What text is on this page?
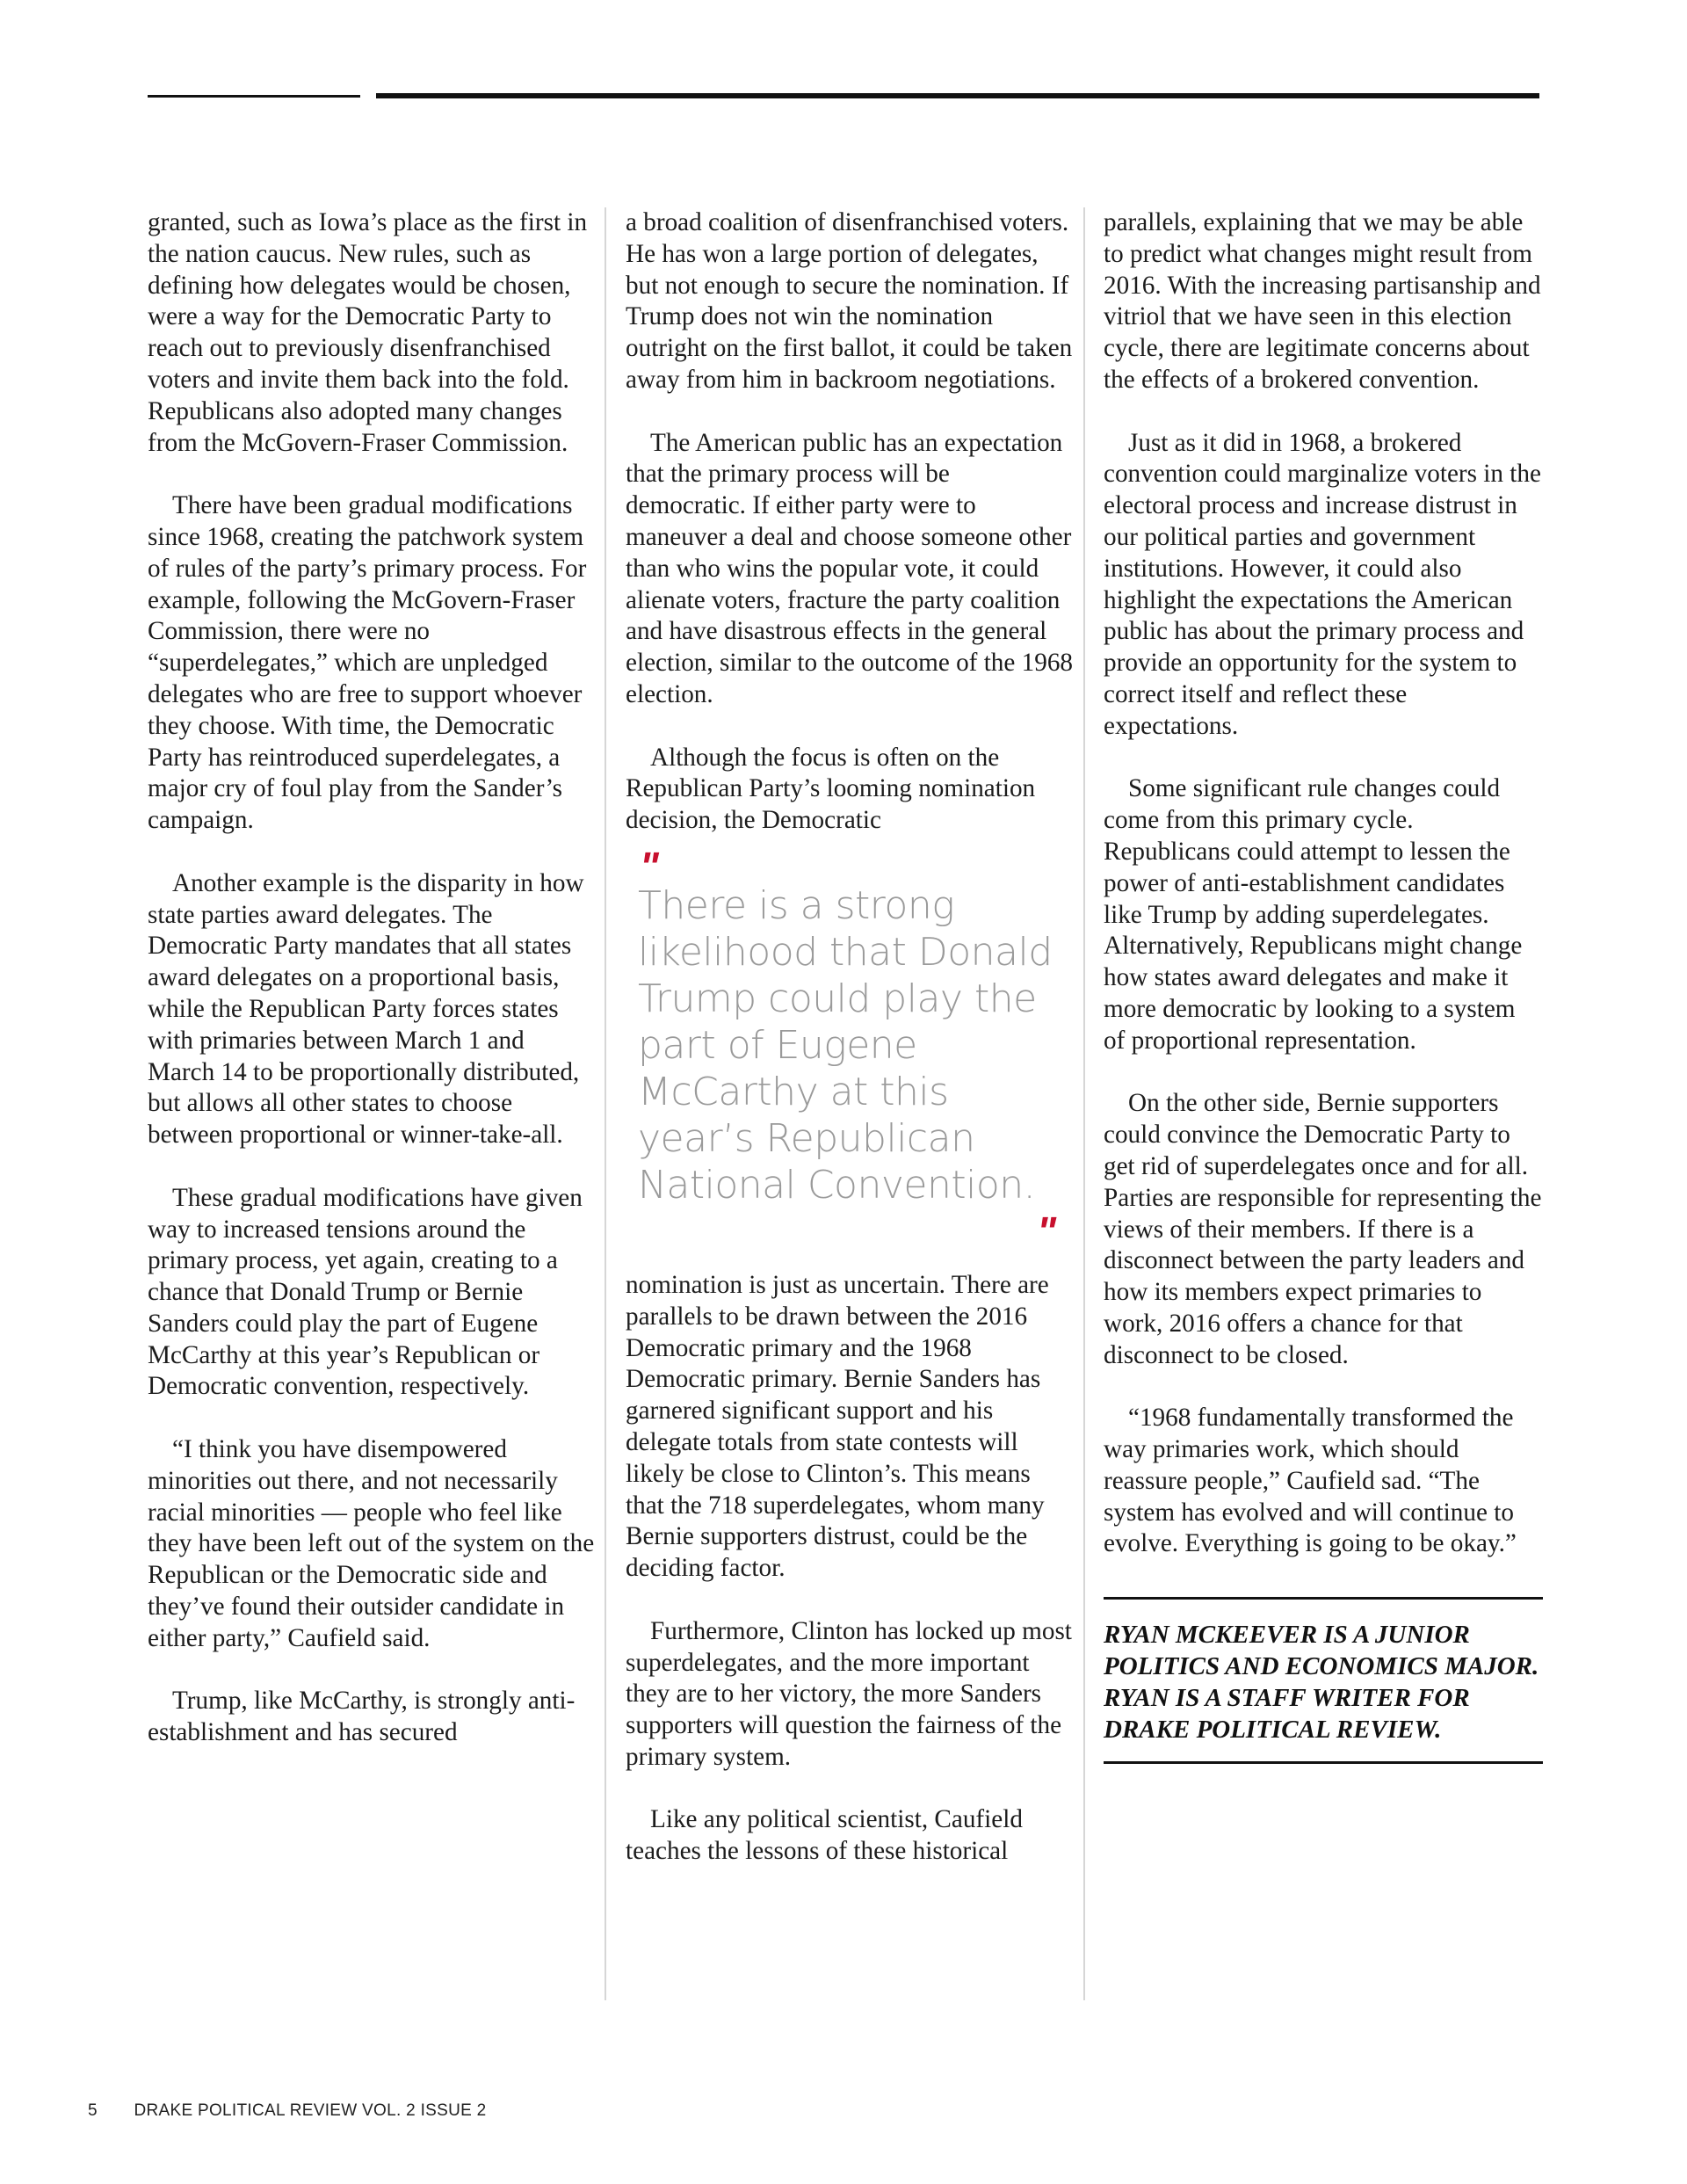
granted, such as Iowa’s place as the first in the nation caucus. New rules, such as defining how delegates would be chosen, were a way for the Democratic Party to reach out to previously disenfranchised voters and invite them back into the fold. Republicans also adopted many changes from the McGovern-Fraser Commission.

There have been gradual modifications since 1968, creating the patchwork system of rules of the party’s primary process. For example, following the McGovern-Fraser Commission, there were no “superdelegates,” which are unpledged delegates who are free to support whoever they choose. With time, the Democratic Party has reintroduced superdelegates, a major cry of foul play from the Sander’s campaign.

Another example is the disparity in how state parties award delegates. The Democratic Party mandates that all states award delegates on a proportional basis, while the Republican Party forces states with primaries between March 1 and March 14 to be proportionally distributed, but allows all other states to choose between proportional or winner-take-all.

These gradual modifications have given way to increased tensions around the primary process, yet again, creating to a chance that Donald Trump or Bernie Sanders could play the part of Eugene McCarthy at this year’s Republican or Democratic convention, respectively.

“I think you have disempowered minorities out there, and not necessarily racial minorities — people who feel like they have been left out of the system on the Republican or the Democratic side and they’ve found their outsider candidate in either party,” Caufield said.

Trump, like McCarthy, is strongly anti-establishment and has secured

a broad coalition of disenfranchised voters. He has won a large portion of delegates, but not enough to secure the nomination. If Trump does not win the nomination outright on the first ballot, it could be taken away from him in backroom negotiations.

The American public has an expectation that the primary process will be democratic. If either party were to maneuver a deal and choose someone other than who wins the popular vote, it could alienate voters, fracture the party coalition and have disastrous effects in the general election, similar to the outcome of the 1968 election.

Although the focus is often on the Republican Party’s looming nomination decision, the Democratic

"
There is a strong likelihood that Donald Trump could play the part of Eugene McCarthy at this year’s Republican National Convention.
"

nomination is just as uncertain. There are parallels to be drawn between the 2016 Democratic primary and the 1968 Democratic primary. Bernie Sanders has garnered significant support and his delegate totals from state contests will likely be close to Clinton’s. This means that the 718 superdelegates, whom many Bernie supporters distrust, could be the deciding factor.

Furthermore, Clinton has locked up most superdelegates, and the more important they are to her victory, the more Sanders supporters will question the fairness of the primary system.

Like any political scientist, Caufield teaches the lessons of these historical

parallels, explaining that we may be able to predict what changes might result from 2016. With the increasing partisanship and vitriol that we have seen in this election cycle, there are legitimate concerns about the effects of a brokered convention.

Just as it did in 1968, a brokered convention could marginalize voters in the electoral process and increase distrust in our political parties and government institutions. However, it could also highlight the expectations the American public has about the primary process and provide an opportunity for the system to correct itself and reflect these expectations.

Some significant rule changes could come from this primary cycle. Republicans could attempt to lessen the power of anti-establishment candidates like Trump by adding superdelegates. Alternatively, Republicans might change how states award delegates and make it more democratic by looking to a system of proportional representation.

On the other side, Bernie supporters could convince the Democratic Party to get rid of superdelegates once and for all. Parties are responsible for representing the views of their members. If there is a disconnect between the party leaders and how its members expect primaries to work, 2016 offers a chance for that disconnect to be closed.

“1968 fundamentally transformed the way primaries work, which should reassure people,” Caufield sad. “The system has evolved and will continue to evolve. Everything is going to be okay.”

RYAN MCKEEVER IS A JUNIOR POLITICS AND ECONOMICS MAJOR. RYAN IS A STAFF WRITER FOR DRAKE POLITICAL REVIEW.
5 DRAKE POLITICAL REVIEW VOL. 2 ISSUE 2
